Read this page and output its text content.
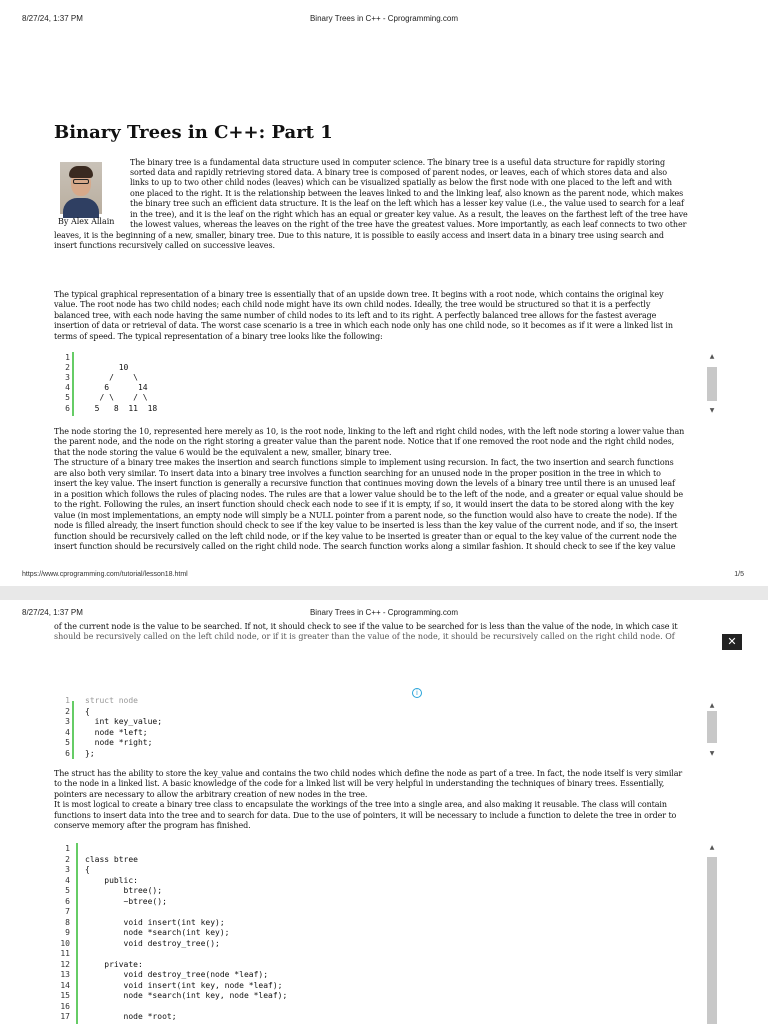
8/27/24, 1:37 PM	Binary Trees in C++ - Cprogramming.com
Binary Trees in C++: Part 1
By Alex Allain
The binary tree is a fundamental data structure used in computer science. The binary tree is a useful data structure for rapidly storing
sorted data and rapidly retrieving stored data. A binary tree is composed of parent nodes, or leaves, each of which stores data and also
links to up to two other child nodes (leaves) which can be visualized spatially as below the first node with one placed to the left and with
one placed to the right. It is the relationship between the leaves linked to and the linking leaf, also known as the parent node, which makes
the binary tree such an efficient data structure. It is the leaf on the left which has a lesser key value (i.e., the value used to search for a leaf
in the tree), and it is the leaf on the right which has an equal or greater key value. As a result, the leaves on the farthest left of the tree have
the lowest values, whereas the leaves on the right of the tree have the greatest values. More importantly, as each leaf connects to two other
leaves, it is the beginning of a new, smaller, binary tree. Due to this nature, it is possible to easily access and insert data in a binary tree using search and
insert functions recursively called on successive leaves.
The typical graphical representation of a binary tree is essentially that of an upside down tree. It begins with a root node, which contains the original key
value. The root node has two child nodes; each child node might have its own child nodes. Ideally, the tree would be structured so that it is a perfectly
balanced tree, with each node having the same number of child nodes to its left and to its right. A perfectly balanced tree allows for the fastest average
insertion of data or retrieval of data. The worst case scenario is a tree in which each node only has one child node, so it becomes as if it were a linked list in
terms of speed. The typical representation of a binary tree looks like the following:
1
2
3
4
5
6
10
/    \
6      14
/ \    / \
5   8  11  18
▲
▼
The node storing the 10, represented here merely as 10, is the root node, linking to the left and right child nodes, with the left node storing a lower value than
the parent node, and the node on the right storing a greater value than the parent node. Notice that if one removed the root node and the right child nodes,
that the node storing the value 6 would be the equivalent a new, smaller, binary tree.
The structure of a binary tree makes the insertion and search functions simple to implement using recursion. In fact, the two insertion and search functions
are also both very similar. To insert data into a binary tree involves a function searching for an unused node in the proper position in the tree in which to
insert the key value. The insert function is generally a recursive function that continues moving down the levels of a binary tree until there is an unused leaf
in a position which follows the rules of placing nodes. The rules are that a lower value should be to the left of the node, and a greater or equal value should be
to the right. Following the rules, an insert function should check each node to see if it is empty, if so, it would insert the data to be stored along with the key
value (in most implementations, an empty node will simply be a NULL pointer from a parent node, so the function would also have to create the node). If the
node is filled already, the insert function should check to see if the key value to be inserted is less than the key value of the current node, and if so, the insert
function should be recursively called on the left child node, or if the key value to be inserted is greater than or equal to the key value of the current node the
insert function should be recursively called on the right child node. The search function works along a similar fashion. It should check to see if the key value
https://www.cprogramming.com/tutorial/lesson18.html	1/5
8/27/24, 1:37 PM	Binary Trees in C++ - Cprogramming.com
of the current node is the value to be searched. If not, it should check to see if the value to be searched for is less than the value of the node, in which case it
should be recursively called on the left child node, or if it is greater than the value of the node, it should be recursively called on the right child node. Of	✕
i
1
2
3
4
5
6
struct node
{
int key_value;
node *left;
node *right;
};
▲
▼
The struct has the ability to store the key_value and contains the two child nodes which define the node as part of a tree. In fact, the node itself is very similar
to the node in a linked list. A basic knowledge of the code for a linked list will be very helpful in understanding the techniques of binary trees. Essentially,
pointers are necessary to allow the arbitrary creation of new nodes in the tree.
It is most logical to create a binary tree class to encapsulate the workings of the tree into a single area, and also making it reusable. The class will contain
functions to insert data into the tree and to search for data. Due to the use of pointers, it will be necessary to include a function to delete the tree in order to
conserve memory after the program has finished.
1
2
3
4
5
6
7
8
9
10
11
12
13
14
15
16
17
class btree
{
public:
btree();
~btree();
void insert(int key);
node *search(int key);
void destroy_tree();
private:
void destroy_tree(node *leaf);
void insert(int key, node *leaf);
node *search(int key, node *leaf);
node *root;
▲
